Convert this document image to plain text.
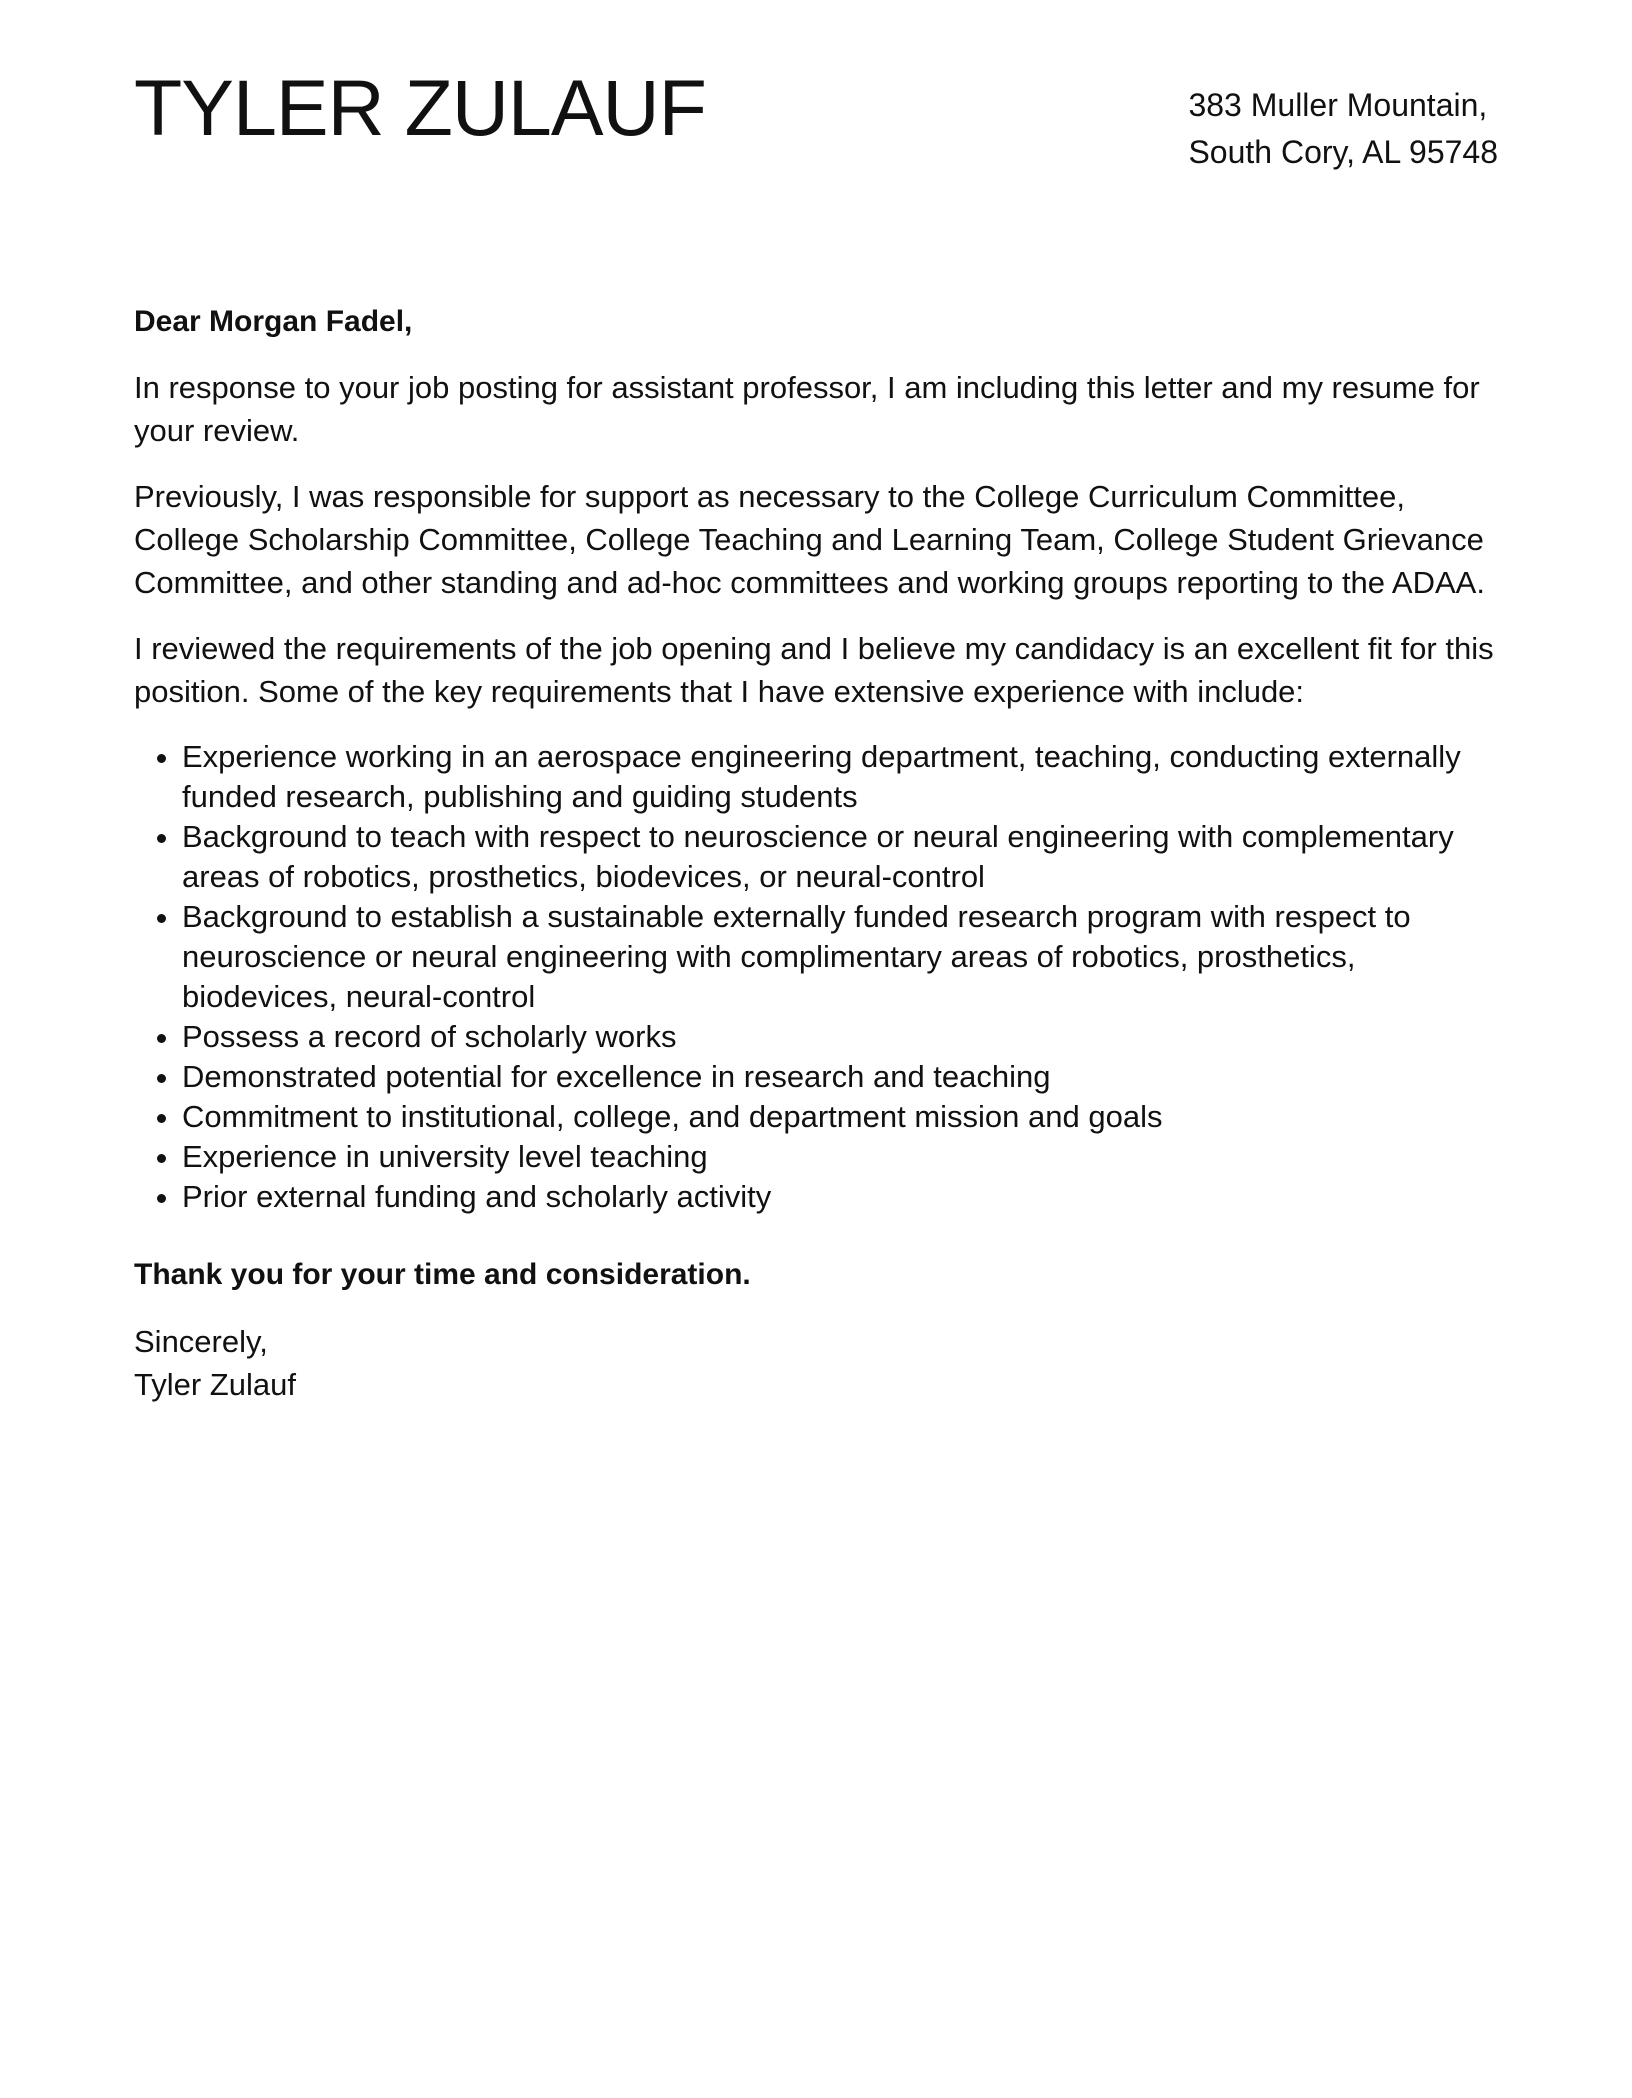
TYLER ZULAUF	383 Muller Mountain,
South Cory, AL 95748

Dear Morgan Fadel,

In response to your job posting for assistant professor, I am including this letter and my resume for your review.

Previously, I was responsible for support as necessary to the College Curriculum Committee, College Scholarship Committee, College Teaching and Learning Team, College Student Grievance Committee, and other standing and ad-hoc committees and working groups reporting to the ADAA.

I reviewed the requirements of the job opening and I believe my candidacy is an excellent fit for this position. Some of the key requirements that I have extensive experience with include:

• Experience working in an aerospace engineering department, teaching, conducting externally funded research, publishing and guiding students
• Background to teach with respect to neuroscience or neural engineering with complementary areas of robotics, prosthetics, biodevices, or neural-control
• Background to establish a sustainable externally funded research program with respect to neuroscience or neural engineering with complimentary areas of robotics, prosthetics, biodevices, neural-control
• Possess a record of scholarly works
• Demonstrated potential for excellence in research and teaching
• Commitment to institutional, college, and department mission and goals
• Experience in university level teaching
• Prior external funding and scholarly activity

Thank you for your time and consideration.

Sincerely,
Tyler Zulauf
